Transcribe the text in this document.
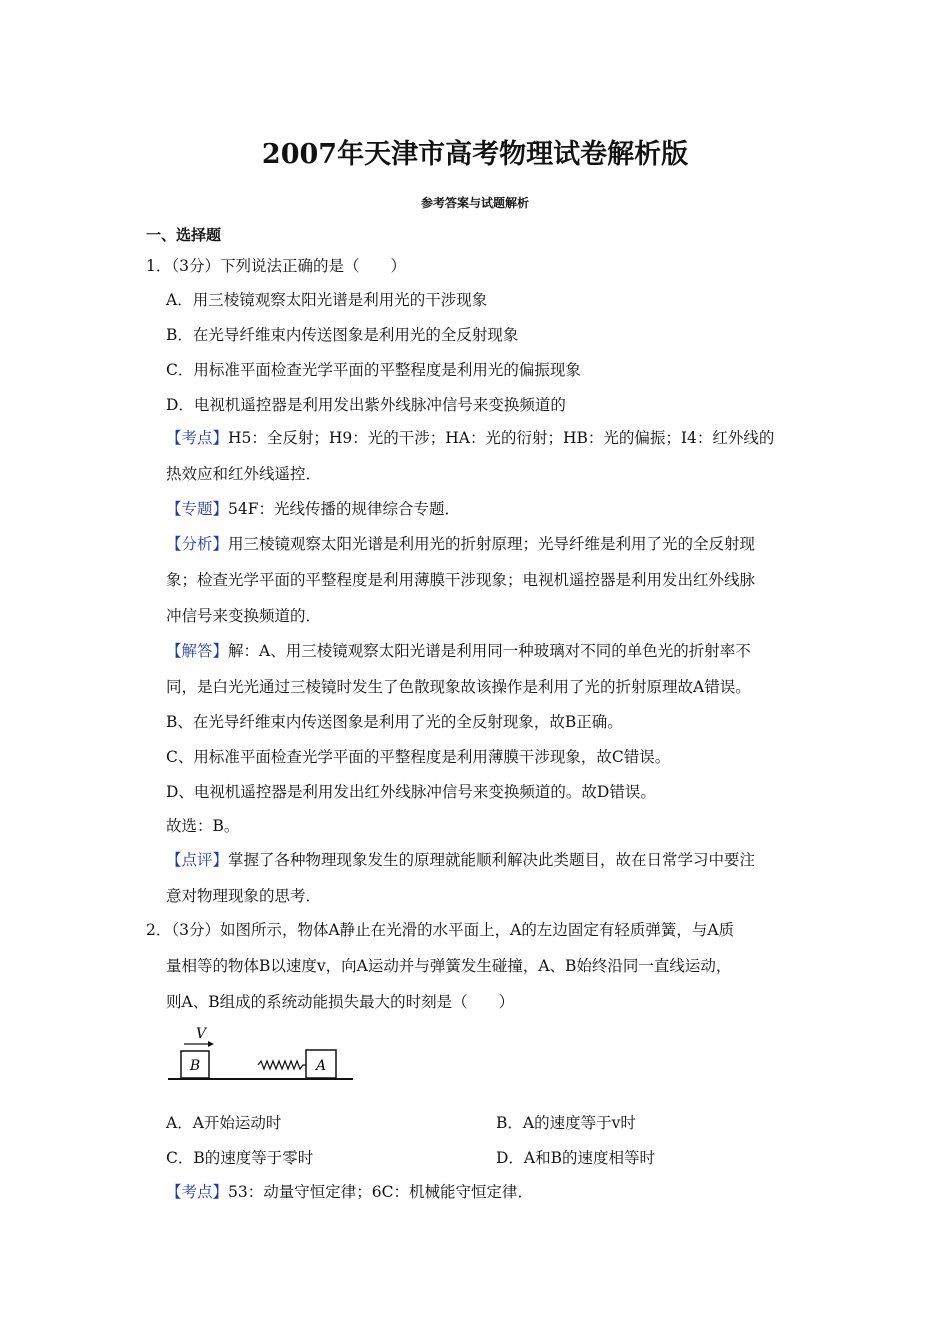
2007年天津市高考物理试卷解析版
参考答案与试题解析
一、选择题
1．（3分）下列说法正确的是（　　）
A．用三棱镜观察太阳光谱是利用光的干涉现象
B．在光导纤维束内传送图象是利用光的全反射现象
C．用标准平面检查光学平面的平整程度是利用光的偏振现象
D．电视机遥控器是利用发出紫外线脉冲信号来变换频道的
【考点】H5：全反射；H9：光的干涉；HA：光的衍射；HB：光的偏振；I4：红外线的
热效应和红外线遥控．
【专题】54F：光线传播的规律综合专题．
【分析】用三棱镜观察太阳光谱是利用光的折射原理；光导纤维是利用了光的全反射现
象；检查光学平面的平整程度是利用薄膜干涉现象；电视机遥控器是利用发出红外线脉
冲信号来变换频道的．
【解答】解：A、用三棱镜观察太阳光谱是利用同一种玻璃对不同的单色光的折射率不
同，是白光光通过三棱镜时发生了色散现象故该操作是利用了光的折射原理故A错误。
B、在光导纤维束内传送图象是利用了光的全反射现象，故B正确。
C、用标准平面检查光学平面的平整程度是利用薄膜干涉现象，故C错误。
D、电视机遥控器是利用发出红外线脉冲信号来变换频道的。故D错误。
故选：B。
【点评】掌握了各种物理现象发生的原理就能顺利解决此类题目，故在日常学习中要注
意对物理现象的思考．
2．（3分）如图所示，物体A静止在光滑的水平面上，A的左边固定有轻质弹簧，与A质
量相等的物体B以速度v，向A运动并与弹簧发生碰撞，A、B始终沿同一直线运动，
则A、B组成的系统动能损失最大的时刻是（　　）
V
B	A
A．A开始运动时	B．A的速度等于v时
C．B的速度等于零时	D．A和B的速度相等时
【考点】53：动量守恒定律；6C：机械能守恒定律．
